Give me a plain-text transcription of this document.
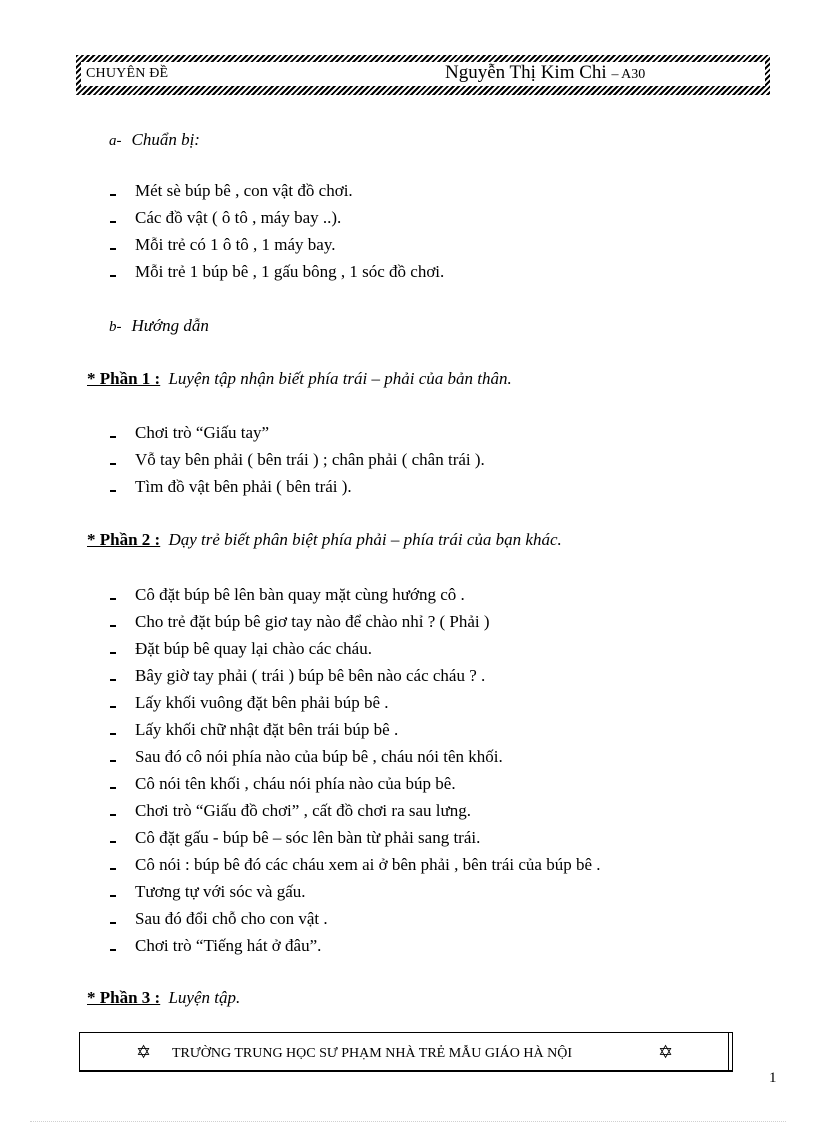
CHUYÊN ĐỀ	Nguyễn Thị Kim Chi – A30
a- Chuẩn bị:
Mét sè búp bê , con vật đồ chơi.
Các đồ vật ( ô tô , máy bay ..).
Mỗi trẻ có 1 ô tô , 1 máy bay.
Mỗi trẻ 1 búp bê , 1 gấu bông , 1 sóc đồ chơi.
b- Hướng dẫn
* Phần 1 : Luyện tập nhận biết phía trái – phải của bản thân.
Chơi trò “Giấu tay”
Vỗ tay bên phải ( bên trái ) ; chân phải ( chân trái ).
Tìm đồ vật bên phải ( bên trái ).
* Phần 2 : Dạy trẻ biết phân biệt phía phải – phía trái của bạn khác.
Cô đặt búp bê lên bàn quay mặt cùng hướng cô .
Cho trẻ đặt búp bê giơ tay nào để chào nhỉ ? ( Phải )
Đặt búp bê quay lại chào các cháu.
Bây giờ tay phải ( trái ) búp bê bên nào các cháu ? .
Lấy khối vuông đặt bên phải búp bê .
Lấy khối chữ nhật đặt bên trái búp bê .
Sau đó cô nói phía nào của búp bê , cháu nói tên khối.
Cô nói tên khối , cháu nói phía nào của búp bê.
Chơi trò “Giấu đồ chơi” , cất đồ chơi ra sau lưng.
Cô đặt gấu - búp bê – sóc lên bàn từ phải sang trái.
Cô nói : búp bê đó các cháu xem ai ở bên phải , bên trái của búp bê .
Tương tự với sóc và gấu.
Sau đó đổi chỗ cho con vật .
Chơi trò “Tiếng hát ở đâu”.
* Phần 3 : Luyện tập.
✡ TRƯỜNG TRUNG HỌC SƯ PHẠM NHÀ TRẺ MẪU GIÁO HÀ NỘI	✡
1
